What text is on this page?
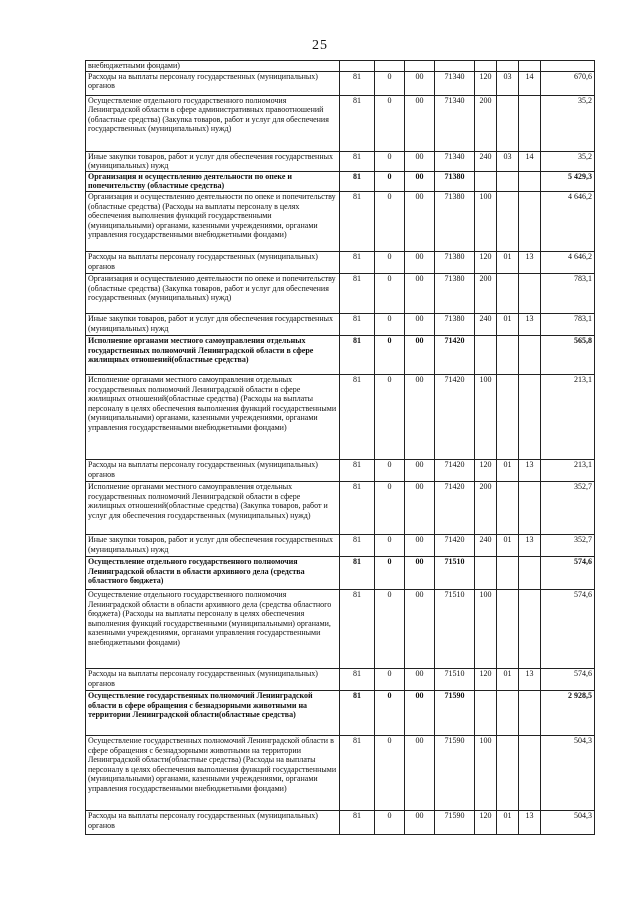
25
внебюджетными фондами)								
Расходы на выплаты персоналу государственных (муниципальных) органов	81	0	00	71340	120	03	14	670,6
Осуществление отдельного государственного полномочия Ленинградской области в сфере административных правоотношений (областные средства) (Закупка товаров, работ и услуг для обеспечения государственных (муниципальных) нужд)	81	0	00	71340	200			35,2
Иные закупки товаров, работ и услуг для обеспечения государственных (муниципальных) нужд	81	0	00	71340	240	03	14	35,2
Организация и осуществлению деятельности по опеке и попечительству (областные средства)	81	0	00	71380				5 429,3
Организация и осуществлению деятельности по опеке и попечительству (областные средства) (Расходы на выплаты персоналу в целях обеспечения выполнения функций государственными (муниципальными) органами, казенными учреждениями, органами управления государственными внебюджетными фондами)	81	0	00	71380	100			4 646,2
Расходы на выплаты персоналу государственных (муниципальных) органов	81	0	00	71380	120	01	13	4 646,2
Организация и осуществлению деятельности по опеке и попечительству (областные средства) (Закупка товаров, работ и услуг для обеспечения государственных (муниципальных) нужд)	81	0	00	71380	200			783,1
Иные закупки товаров, работ и услуг для обеспечения государственных (муниципальных) нужд	81	0	00	71380	240	01	13	783,1
Исполнение органами местного самоуправления отдельных государственных полномочий Ленинградской области в сфере жилищных отношений(областные средства)	81	0	00	71420				565,8
Исполнение органами местного самоуправления отдельных государственных полномочий Ленинградской области в сфере жилищных отношений(областные средства) (Расходы на выплаты персоналу в целях обеспечения выполнения функций государственными (муниципальными) органами, казенными учреждениями, органами управления государственными внебюджетными фондами)	81	0	00	71420	100			213,1
Расходы на выплаты персоналу государственных (муниципальных) органов	81	0	00	71420	120	01	13	213,1
Исполнение органами местного самоуправления отдельных государственных полномочий Ленинградской области в сфере жилищных отношений(областные средства) (Закупка товаров, работ и услуг для обеспечения государственных (муниципальных) нужд)	81	0	00	71420	200			352,7
Иные закупки товаров, работ и услуг для обеспечения государственных (муниципальных) нужд	81	0	00	71420	240	01	13	352,7
Осуществление отдельного государственного полномочия Ленинградской области в области архивного дела (средства областного бюджета)	81	0	00	71510				574,6
Осуществление отдельного государственного полномочия Ленинградской области в области архивного дела (средства областного бюджета) (Расходы на выплаты персоналу в целях обеспечения выполнения функций государственными (муниципальными) органами, казенными учреждениями, органами управления государственными внебюджетными фондами)	81	0	00	71510	100			574,6
Расходы на выплаты персоналу государственных (муниципальных) органов	81	0	00	71510	120	01	13	574,6
Осуществление государственных полномочий Ленинградской области в сфере обращения с безнадзорными животными на территории Ленинградской области(областные средства)	81	0	00	71590				2 928,5
Осуществление государственных полномочий Ленинградской области в сфере обращения с безнадзорными животными на территории Ленинградской области(областные средства) (Расходы на выплаты персоналу в целях обеспечения выполнения функций государственными (муниципальными) органами, казенными учреждениями, органами управления государственными внебюджетными фондами)	81	0	00	71590	100			504,3
Расходы на выплаты персоналу государственных (муниципальных) органов	81	0	00	71590	120	01	13	504,3
